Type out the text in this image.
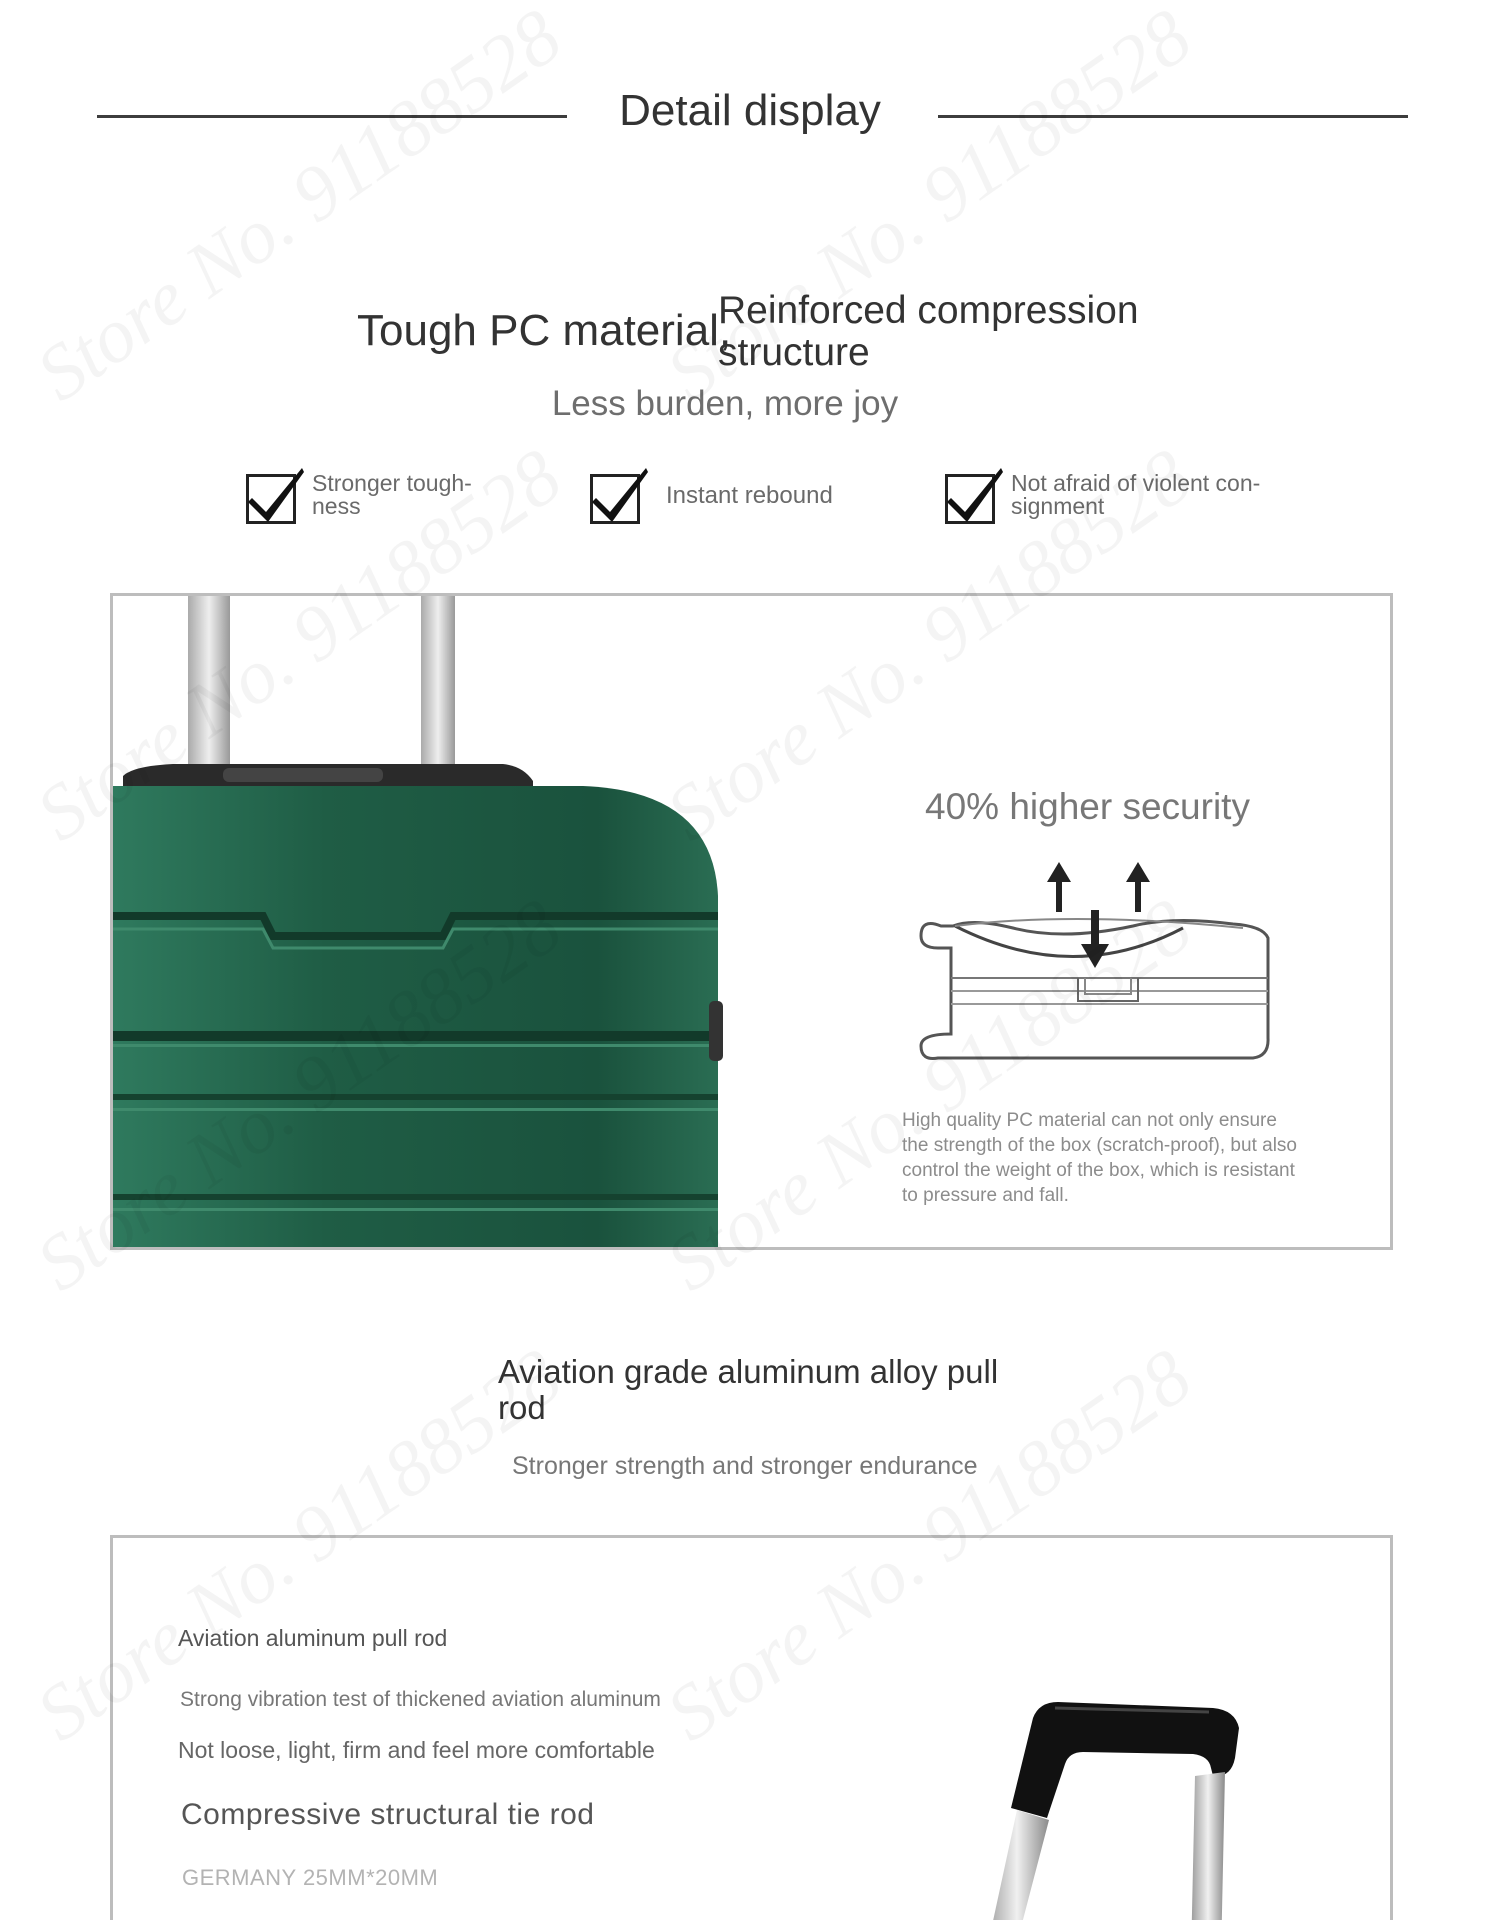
Detail display
Tough PC material,
Reinforced compression structure
Less burden, more joy
Stronger tough-
ness	Instant rebound	Not afraid of violent con-
signment
40% higher security
High quality PC material can not only ensure the strength of the box (scratch-proof), but also control the weight of the box, which is resistant to pressure and fall.
Aviation grade aluminum alloy pull rod
Stronger strength and stronger endurance
Aviation aluminum pull rod
Strong vibration test of thickened aviation aluminum
Not loose, light, firm and feel more comfortable
Compressive structural tie rod
GERMANY 25MM*20MM
